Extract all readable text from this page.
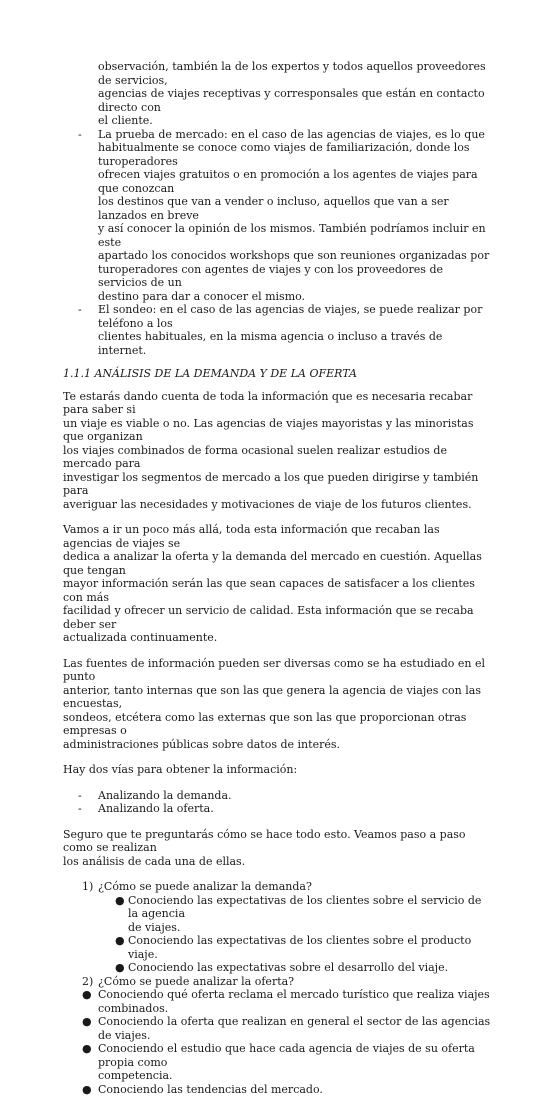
observación, también la de los expertos y todos aquellos proveedores de servicios,
agencias de viajes receptivas y corresponsales que están en contacto directo con
el cliente.
- La prueba de mercado: en el caso de las agencias de viajes, es lo que
habitualmente se conoce como viajes de familiarización, donde los turoperadores
ofrecen viajes gratuitos o en promoción a los agentes de viajes para que conozcan
los destinos que van a vender o incluso, aquellos que van a ser lanzados en breve
y así conocer la opinión de los mismos. También podríamos incluir en este
apartado los conocidos workshops que son reuniones organizadas por
turoperadores con agentes de viajes y con los proveedores de servicios de un
destino para dar a conocer el mismo.
- El sondeo: en el caso de las agencias de viajes, se puede realizar por teléfono a los
clientes habituales, en la misma agencia o incluso a través de internet.

1.1.1 ANÁLISIS DE LA DEMANDA Y DE LA OFERTA

Te estarás dando cuenta de toda la información que es necesaria recabar para saber si
un viaje es viable o no. Las agencias de viajes mayoristas y las minoristas que organizan
los viajes combinados de forma ocasional suelen realizar estudios de mercado para
investigar los segmentos de mercado a los que pueden dirigirse y también para
averiguar las necesidades y motivaciones de viaje de los futuros clientes.
Vamos a ir un poco más allá, toda esta información que recaban las agencias de viajes se
dedica a analizar la oferta y la demanda del mercado en cuestión. Aquellas que tengan
mayor información serán las que sean capaces de satisfacer a los clientes con más
facilidad y ofrecer un servicio de calidad. Esta información que se recaba deber ser
actualizada continuamente.
Las fuentes de información pueden ser diversas como se ha estudiado en el punto
anterior, tanto internas que son las que genera la agencia de viajes con las encuestas,
sondeos, etcétera como las externas que son las que proporcionan otras empresas o
administraciones públicas sobre datos de interés.
Hay dos vías para obtener la información:
- Analizando la demanda.
- Analizando la oferta.
Seguro que te preguntarás cómo se hace todo esto. Veamos paso a paso como se realizan
los análisis de cada una de ellas.
1) ¿Cómo se puede analizar la demanda?
● Conociendo las expectativas de los clientes sobre el servicio de la agencia
de viajes.
● Conociendo las expectativas de los clientes sobre el producto viaje.
● Conociendo las expectativas sobre el desarrollo del viaje.
2) ¿Cómo se puede analizar la oferta?
● Conociendo qué oferta reclama el mercado turístico que realiza viajes
combinados.
● Conociendo la oferta que realizan en general el sector de las agencias de viajes.
● Conociendo el estudio que hace cada agencia de viajes de su oferta propia como
competencia.
● Conociendo las tendencias del mercado.
